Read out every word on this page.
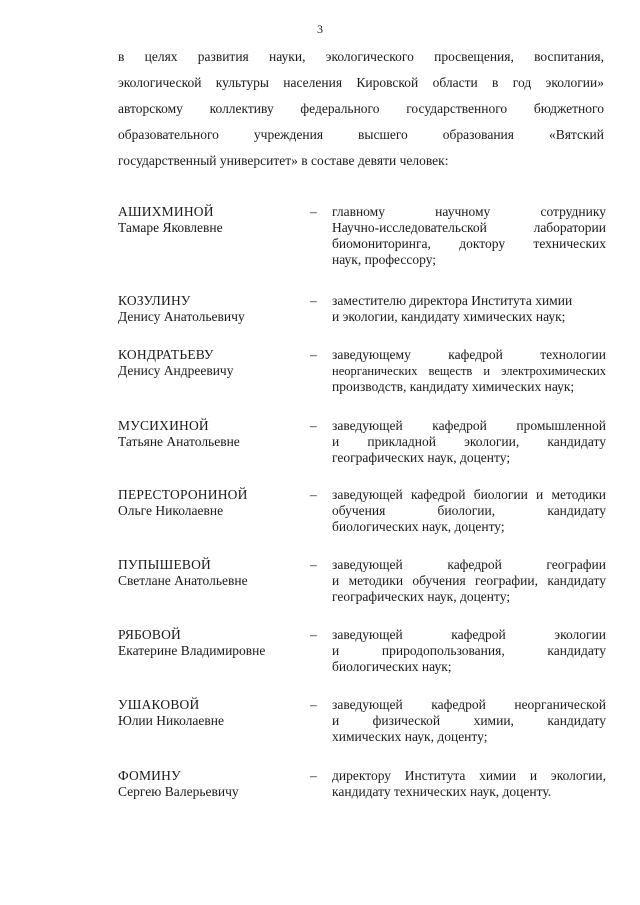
3
в целях развития науки, экологического просвещения, воспитания,
экологической культуры населения Кировской области в год экологии»
авторскому коллективу федерального государственного бюджетного
образовательного учреждения высшего образования «Вятский
государственный университет» в составе девяти человек:
АШИХМИНОЙ
Тамаре Яковлевне
–	главному научному сотруднику
Научно-исследовательской лаборатории
биомониторинга, доктору технических
наук, профессору;
КОЗУЛИНУ
Денису Анатольевичу
–	заместителю директора Института химии
и экологии, кандидату химических наук;
КОНДРАТЬЕВУ
Денису Андреевичу
–	заведующему кафедрой технологии
неорганических веществ и электрохимических
производств, кандидату химических наук;
МУСИХИНОЙ
Татьяне Анатольевне
–	заведующей кафедрой промышленной
и прикладной экологии, кандидату
географических наук, доценту;
ПЕРЕСТОРОНИНОЙ
Ольге Николаевне
–	заведующей кафедрой биологии и методики
обучения биологии, кандидату
биологических наук, доценту;
ПУПЫШЕВОЙ
Светлане Анатольевне
–	заведующей кафедрой географии
и методики обучения географии, кандидату
географических наук, доценту;
РЯБОВОЙ
Екатерине Владимировне
–	заведующей кафедрой экологии
и природопользования, кандидату
биологических наук;
УШАКОВОЙ
Юлии Николаевне
–	заведующей кафедрой неорганической
и физической химии, кандидату
химических наук, доценту;
ФОМИНУ
Сергею Валерьевичу
–	директору Института химии и экологии,
кандидату технических наук, доценту.
